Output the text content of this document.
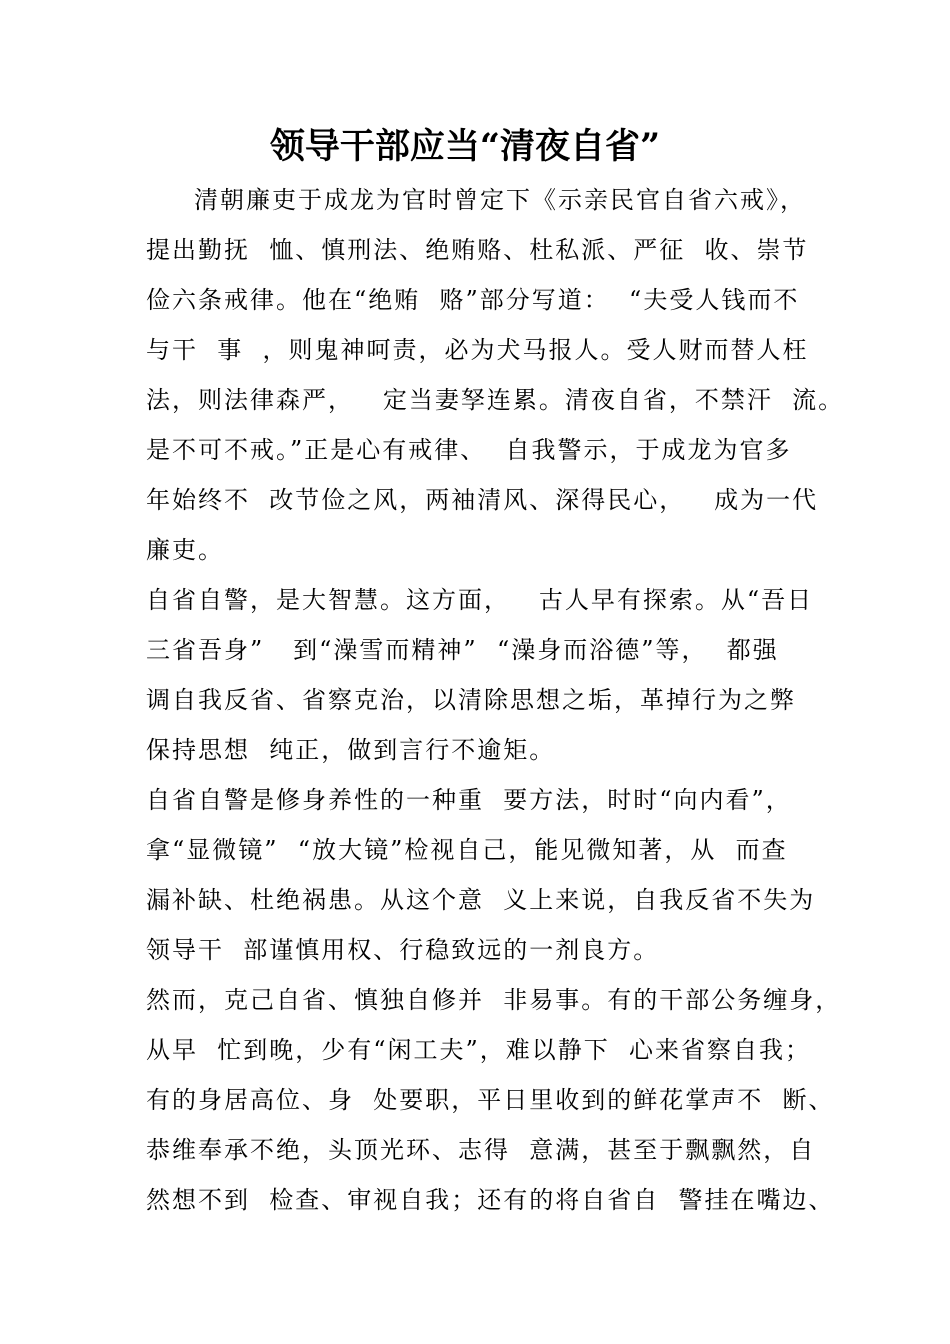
领导干部应当“清夜自省”
清朝廉吏于成龙为官时曾定下《示亲民官自省六戒》，
提出勤抚  恤、慎刑法、绝贿赂、杜私派、严征  收、崇节
俭六条戒律。他在“绝贿  赂”部分写道：  “夫受人钱而不
与干  事  ，则鬼神呵责，必为犬马报人。受人财而替人枉
法，则法律森严，   定当妻孥连累。清夜自省，不禁汗  流。
是不可不戒。”正是心有戒律、  自我警示，于成龙为官多
年始终不  改节俭之风，两袖清风、深得民心，   成为一代
廉吏。
自省自警，是大智慧。这方面，   古人早有探索。从“吾日
三省吾身”   到“澡雪而精神”  “澡身而浴德”等，  都强
调自我反省、省察克治，以清除思想之垢，革掉行为之弊
保持思想  纯正，做到言行不逾矩。
自省自警是修身养性的一种重  要方法，时时“向内看”，
拿“显微镜”  “放大镜”检视自己，能见微知著，从  而查
漏补缺、杜绝祸患。从这个意  义上来说，自我反省不失为
领导干  部谨慎用权、行稳致远的一剂良方。
然而，克己自省、慎独自修并  非易事。有的干部公务缠身，
从早  忙到晚，少有“闲工夫”，难以静下  心来省察自我；
有的身居高位、身  处要职，平日里收到的鲜花掌声不  断、
恭维奉承不绝，头顶光环、志得  意满，甚至于飘飘然，自
然想不到  检查、审视自我；还有的将自省自  警挂在嘴边、
